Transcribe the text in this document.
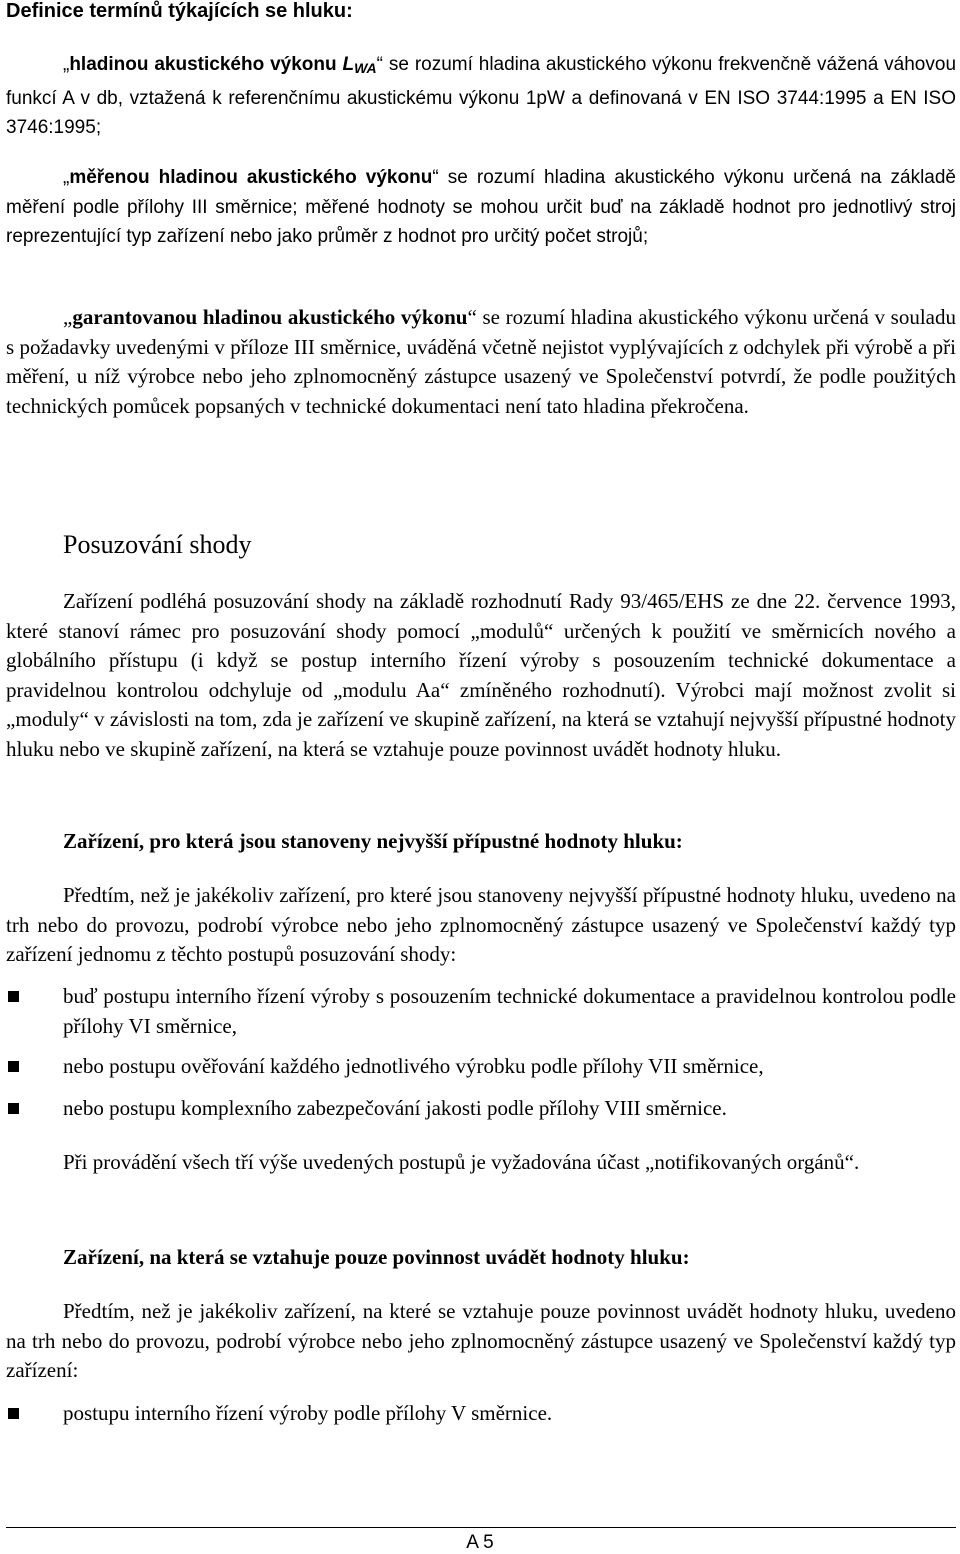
Definice termínů týkajících se hluku:
„hladinou akustického výkonu $L_{WA}“$ se rozumí hladina akustického výkonu frekvenčně vážená váhovou funkcí A v db, vztažená k referenčnímu akustickému výkonu 1pW a definovaná v EN ISO 3744:1995 a EN ISO 3746:1995;
„měřenou hladinou akustického výkonu“ se rozumí hladina akustického výkonu určená na základě měření podle přílohy III směrnice; měřené hodnoty se mohou určit buď na základě hodnot pro jednotlivý stroj reprezentující typ zařízení nebo jako průměr z hodnot pro určitý počet strojů;
„garantovanou hladinou akustického výkonu“ se rozumí hladina akustického výkonu určená v souladu s požadavky uvedenými v příloze III směrnice, uváděná včetně nejistot vyplývajících z odchylek při výrobě a při měření, u níž výrobce nebo jeho zplnomocněný zástupce usazený ve Společenství potvrdí, že podle použitých technických pomůcek popsaných v technické dokumentaci není tato hladina překročena.
Posuzování shody

Zařízení podléhá posuzování shody na základě rozhodnutí Rady 93/465/EHS ze dne 22. července 1993, které stanoví rámec pro posuzování shody pomocí „modulů“ určených k použití ve směrnicích nového a globálního přístupu (i když se postup interního řízení výroby s posouzením technické dokumentace a pravidelnou kontrolou odchyluje od „modulu Aa“ zmíněného rozhodnutí). Výrobci mají možnost zvolit si „moduly“ v závislosti na tom, zda je zařízení ve skupině zařízení, na která se vztahují nejvyšší přípustné hodnoty hluku nebo ve skupině zařízení, na která se vztahuje pouze povinnost uvádět hodnoty hluku.

Zařízení, pro která jsou stanoveny nejvyšší přípustné hodnoty hluku:

Předtím, než je jakékoliv zařízení, pro které jsou stanoveny nejvyšší přípustné hodnoty hluku, uvedeno na trh nebo do provozu, podrobí výrobce nebo jeho zplnomocněný zástupce usazený ve Společenství každý typ zařízení jednomu z těchto postupů posuzování shody:

buď postupu interního řízení výroby s posouzením technické dokumentace a pravidelnou kontrolou podle přílohy VI směrnice,
nebo postupu ověřování každého jednotlivého výrobku podle přílohy VII směrnice,
nebo postupu komplexního zabezpečování jakosti podle přílohy VIII směrnice.

Při provádění všech tří výše uvedených postupů je vyžadována účast „notifikovaných orgánů“.

Zařízení, na která se vztahuje pouze povinnost uvádět hodnoty hluku:

Předtím, než je jakékoliv zařízení, na které se vztahuje pouze povinnost uvádět hodnoty hluku, uvedeno na trh nebo do provozu, podrobí výrobce nebo jeho zplnomocněný zástupce usazený ve Společenství každý typ zařízení:

postupu interního řízení výroby podle přílohy V směrnice.
A 5
